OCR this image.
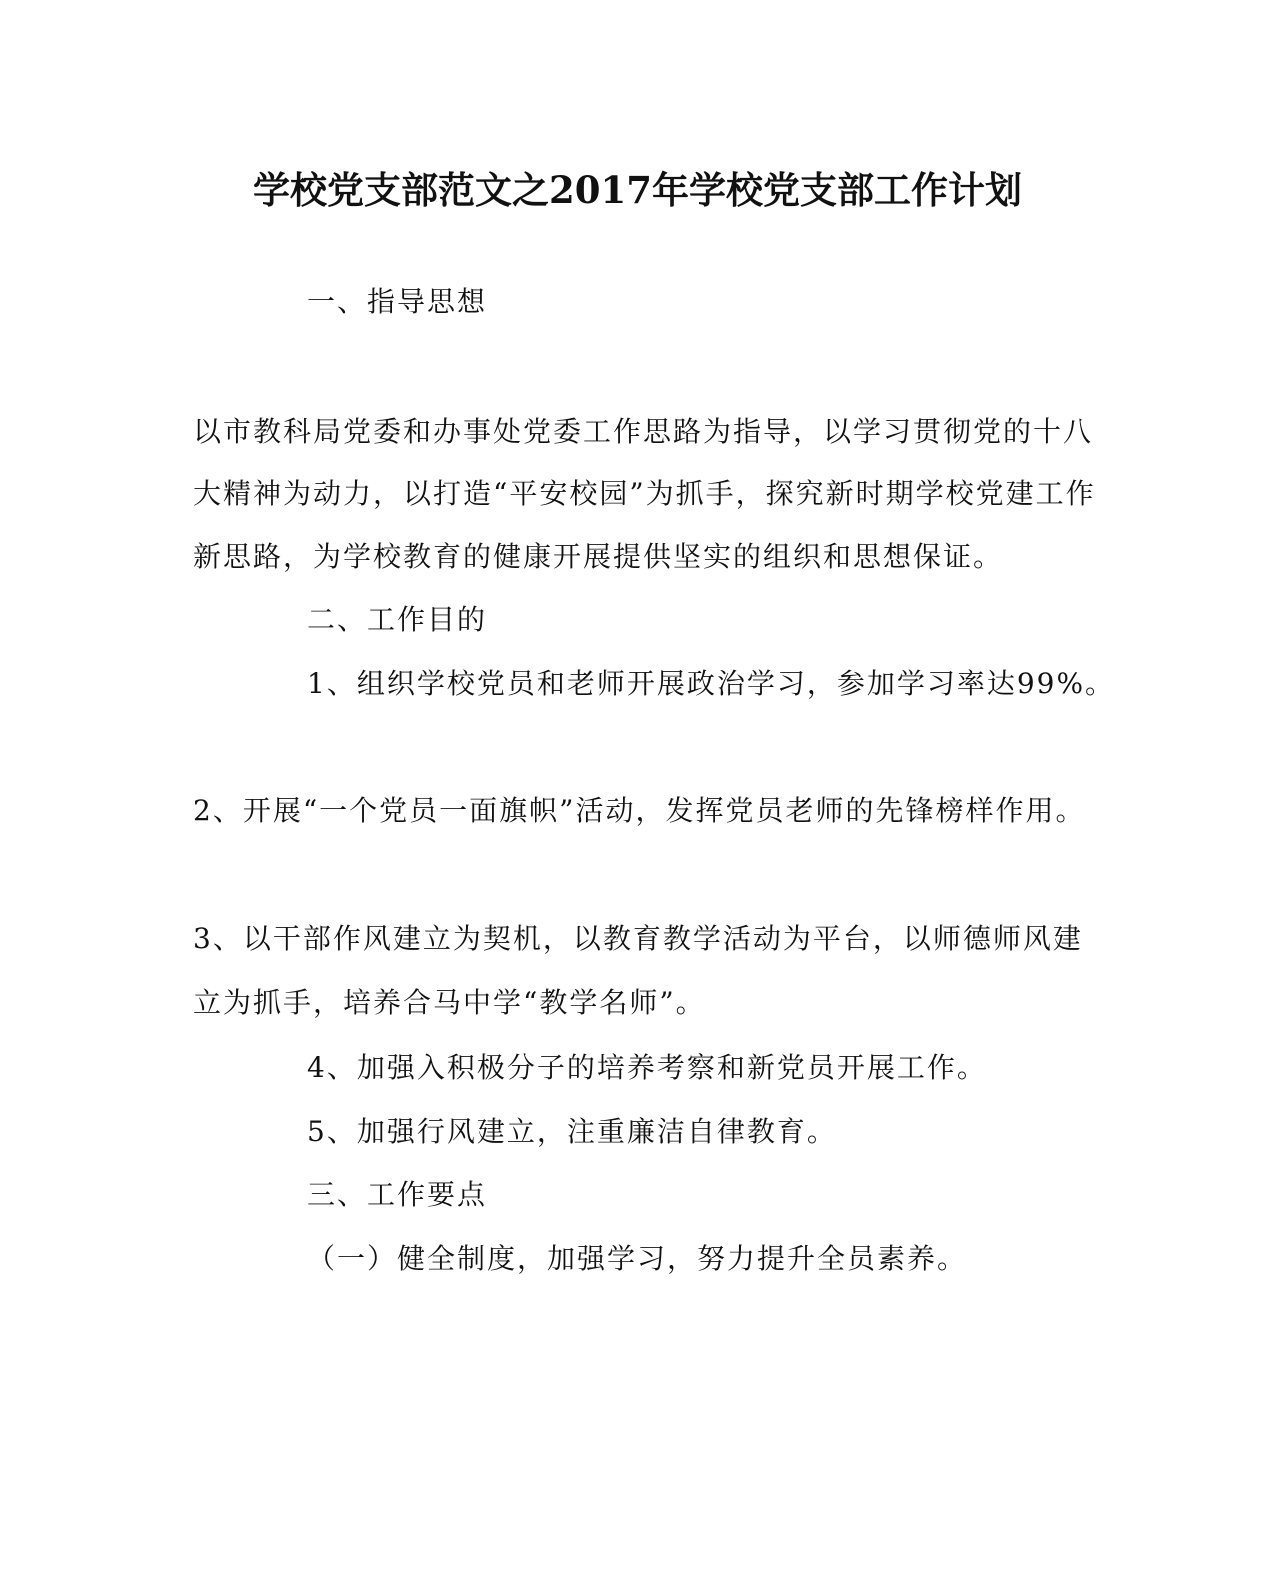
学校党支部范文之2017年学校党支部工作计划
一、指导思想
以市教科局党委和办事处党委工作思路为指导，以学习贯彻党的十八
大精神为动力，以打造“平安校园”为抓手，探究新时期学校党建工作
新思路，为学校教育的健康开展提供坚实的组织和思想保证。
二、工作目的
1、组织学校党员和老师开展政治学习，参加学习率达99%。
2、开展“一个党员一面旗帜”活动，发挥党员老师的先锋榜样作用。
3、以干部作风建立为契机，以教育教学活动为平台，以师德师风建
立为抓手，培养合马中学“教学名师”。
4、加强入积极分子的培养考察和新党员开展工作。
5、加强行风建立，注重廉洁自律教育。
三、工作要点
（一）健全制度，加强学习，努力提升全员素养。
